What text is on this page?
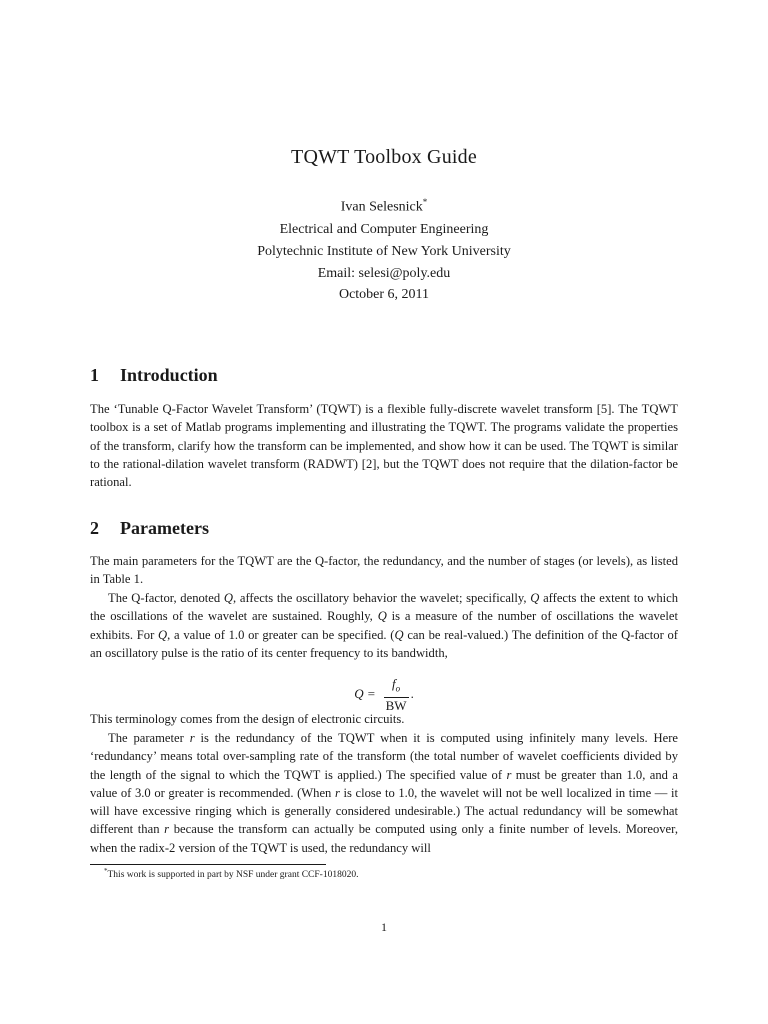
TQWT Toolbox Guide
Ivan Selesnick*
Electrical and Computer Engineering
Polytechnic Institute of New York University
Email: selesi@poly.edu
October 6, 2011
1 Introduction
The ‘Tunable Q-Factor Wavelet Transform’ (TQWT) is a flexible fully-discrete wavelet transform [5]. The TQWT toolbox is a set of Matlab programs implementing and illustrating the TQWT. The programs validate the properties of the transform, clarify how the transform can be implemented, and show how it can be used. The TQWT is similar to the rational-dilation wavelet transform (RADWT) [2], but the TQWT does not require that the dilation-factor be rational.
2 Parameters
The main parameters for the TQWT are the Q-factor, the redundancy, and the number of stages (or levels), as listed in Table 1.
The Q-factor, denoted Q, affects the oscillatory behavior the wavelet; specifically, Q affects the extent to which the oscillations of the wavelet are sustained. Roughly, Q is a measure of the number of oscillations the wavelet exhibits. For Q, a value of 1.0 or greater can be specified. (Q can be real-valued.) The definition of the Q-factor of an oscillatory pulse is the ratio of its center frequency to its bandwidth,
$Q = \frac{f_o}{BW}$ .
This terminology comes from the design of electronic circuits.
The parameter r is the redundancy of the TQWT when it is computed using infinitely many levels. Here ‘redundancy’ means total over-sampling rate of the transform (the total number of wavelet coefficients divided by the length of the signal to which the TQWT is applied.) The specified value of r must be greater than 1.0, and a value of 3.0 or greater is recommended. (When r is close to 1.0, the wavelet will not be well localized in time — it will have excessive ringing which is generally considered undesirable.) The actual redundancy will be somewhat different than r because the transform can actually be computed using only a finite number of levels. Moreover, when the radix-2 version of the TQWT is used, the redundancy will
*This work is supported in part by NSF under grant CCF-1018020.
1
